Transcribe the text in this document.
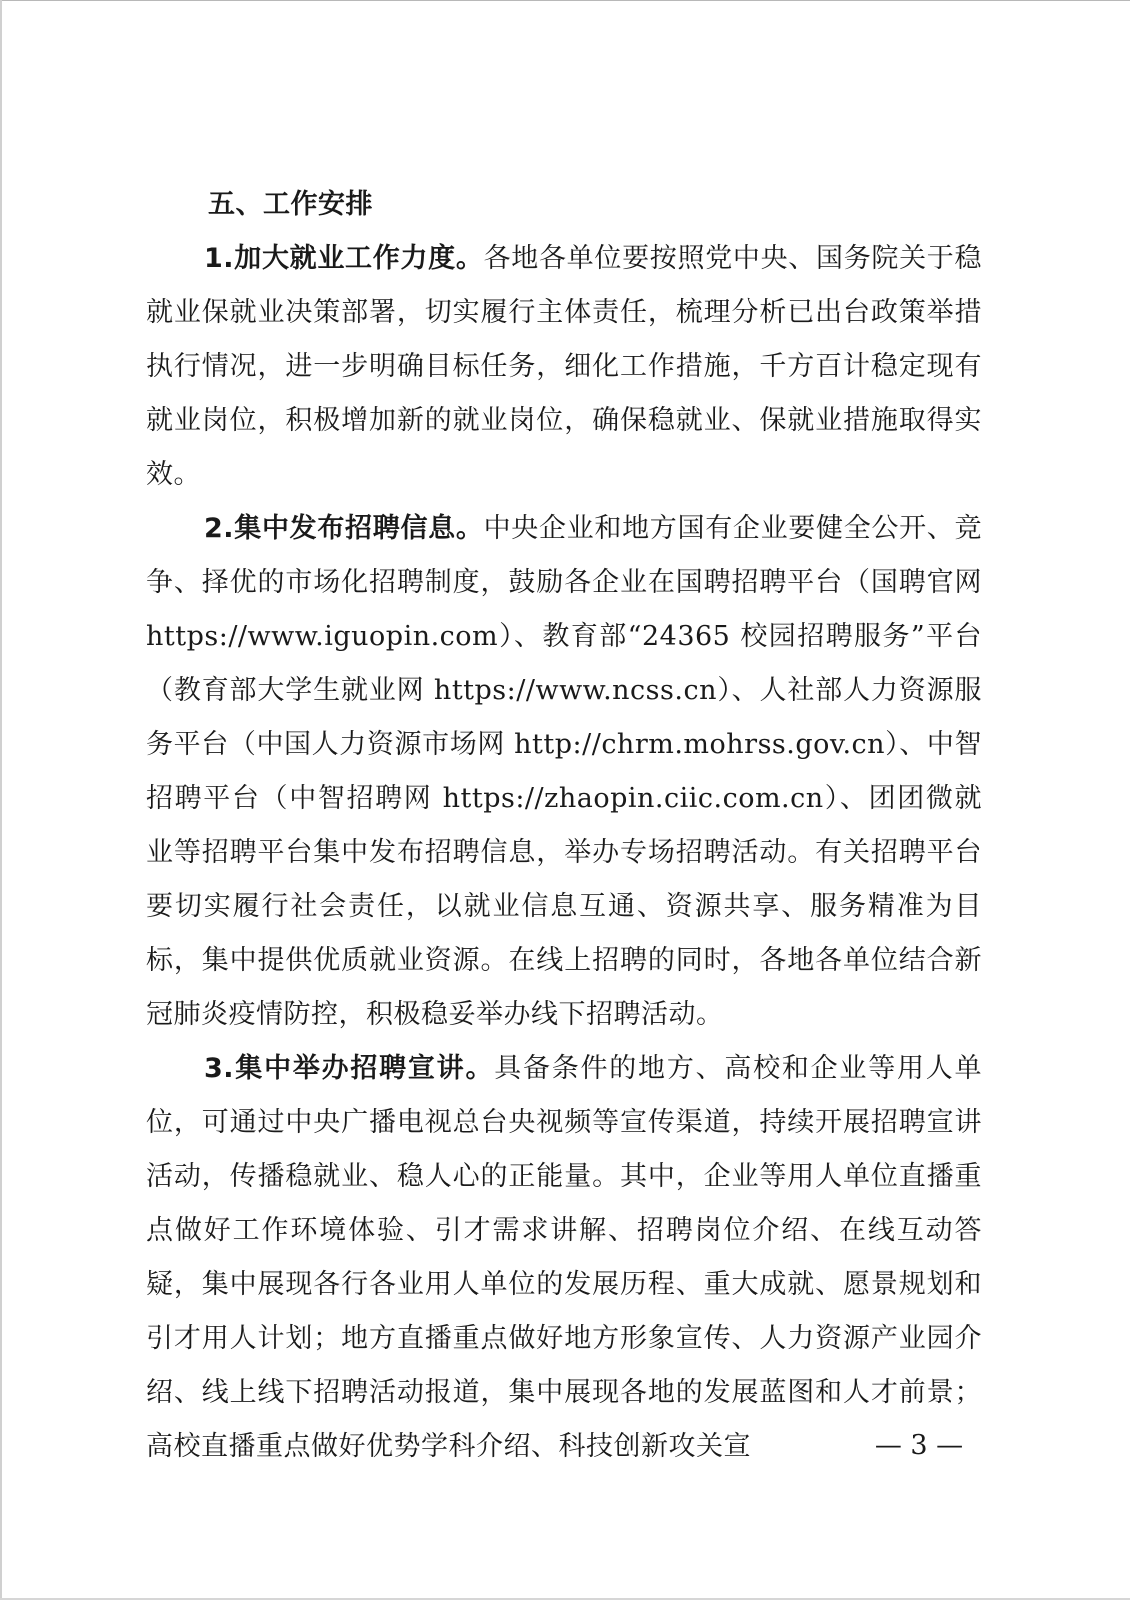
五、工作安排

1.加大就业工作力度。各地各单位要按照党中央、国务院关于稳就业保就业决策部署，切实履行主体责任，梳理分析已出台政策举措执行情况，进一步明确目标任务，细化工作措施，千方百计稳定现有就业岗位，积极增加新的就业岗位，确保稳就业、保就业措施取得实效。

2.集中发布招聘信息。中央企业和地方国有企业要健全公开、竞争、择优的市场化招聘制度，鼓励各企业在国聘招聘平台（国聘官网 https://www.iguopin.com）、教育部“24365 校园招聘服务”平台（教育部大学生就业网 https://www.ncss.cn）、人社部人力资源服务平台（中国人力资源市场网 http://chrm.mohrss.gov.cn）、中智招聘平台（中智招聘网 https://zhaopin.ciic.com.cn）、团团微就业等招聘平台集中发布招聘信息，举办专场招聘活动。有关招聘平台要切实履行社会责任，以就业信息互通、资源共享、服务精准为目标，集中提供优质就业资源。在线上招聘的同时，各地各单位结合新冠肺炎疫情防控，积极稳妥举办线下招聘活动。

3.集中举办招聘宣讲。具备条件的地方、高校和企业等用人单位，可通过中央广播电视总台央视频等宣传渠道，持续开展招聘宣讲活动，传播稳就业、稳人心的正能量。其中，企业等用人单位直播重点做好工作环境体验、引才需求讲解、招聘岗位介绍、在线互动答疑，集中展现各行各业用人单位的发展历程、重大成就、愿景规划和引才用人计划；地方直播重点做好地方形象宣传、人力资源产业园介绍、线上线下招聘活动报道，集中展现各地的发展蓝图和人才前景；高校直播重点做好优势学科介绍、科技创新攻关宣	— 3 —
